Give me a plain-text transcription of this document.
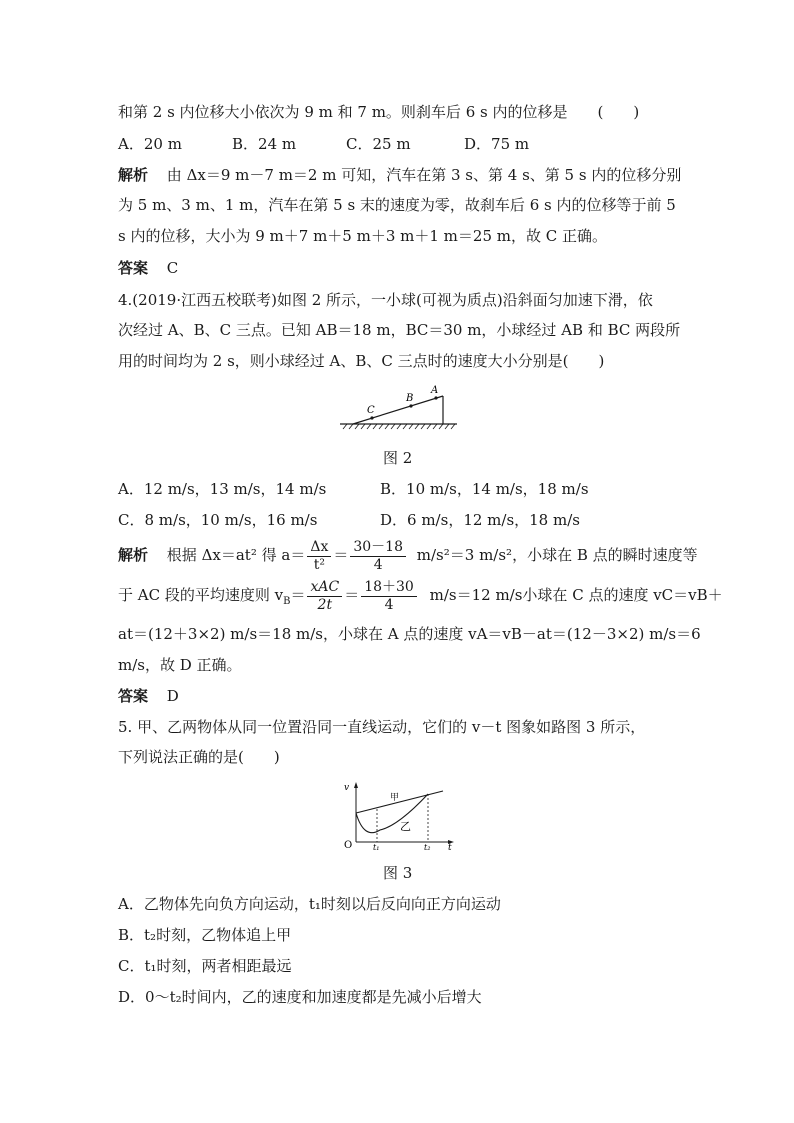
和第 2 s 内位移大小依次为 9 m 和 7 m。则刹车后 6 s 内的位移是　　(　　)
A．20 m	B．24 m	C．25 m	D．75 m
解析 由 Δx＝9 m－7 m＝2 m 可知，汽车在第 3 s、第 4 s、第 5 s 内的位移分别
为 5 m、3 m、1 m，汽车在第 5 s 末的速度为零，故刹车后 6 s 内的位移等于前 5
s 内的位移，大小为 9 m＋7 m＋5 m＋3 m＋1 m＝25 m，故 C 正确。
答案 C
4.(2019·江西五校联考)如图 2 所示，一小球(可视为质点)沿斜面匀加速下滑，依
次经过 A、B、C 三点。已知 AB＝18 m，BC＝30 m，小球经过 AB 和 BC 两段所
用的时间均为 2 s，则小球经过 A、B、C 三点时的速度大小分别是(　　)
C
B
A
图 2
A．12 m/s，13 m/s，14 m/s	B．10 m/s，14 m/s，18 m/s
C．8 m/s，10 m/s，16 m/s	D．6 m/s，12 m/s，18 m/s
解析 根据 Δx＝at² 得 $a= \frac{\Delta x}{\text{t²}} = \frac{30-18}{4} m/s^2=3$ m/s²，小球在 B 点的瞬时速度等
于 AC 段的平均速度则 $v_B= \frac{\text{xAC}}{2t} = \frac{18+30}{4} m/s=12$ m/s小球在 C 点的速度 vC＝vB＋
at＝(12＋3×2) m/s＝18 m/s，小球在 A 点的速度 vA＝vB－at＝(12－3×2) m/s＝6
m/s，故 D 正确。
答案 D
5. 甲、乙两物体从同一位置沿同一直线运动，它们的 v－t 图象如路图 3 所示，
下列说法正确的是(　　)
v
t
O	t₁	t₂
甲
乙
图 3
A．乙物体先向负方向运动，t₁时刻以后反向向正方向运动
B．t₂时刻，乙物体追上甲
C．t₁时刻，两者相距最远
D．0～t₂时间内，乙的速度和加速度都是先减小后增大
